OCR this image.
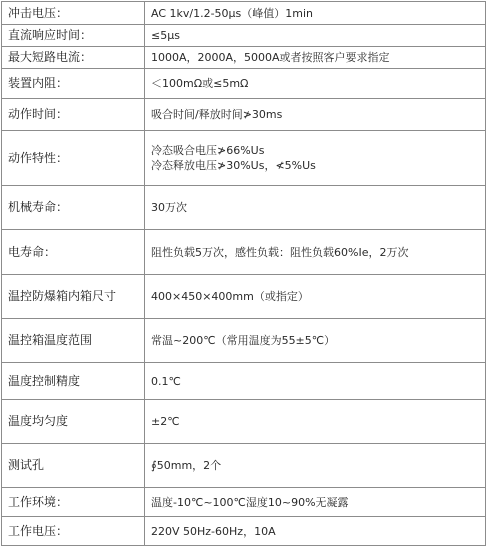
冲击电压：	AC 1kv/1.2-50μs（峰值）1min
直流响应时间：	≤5μs
最大短路电流：	1000A，2000A，5000A或者按照客户要求指定
装置内阻：	＜100mΩ或≤5mΩ
动作时间：	吸合时间/释放时间≯30ms
动作特性：	冷态吸合电压≯66%Us
冷态释放电压≯30%Us，≮5%Us

机械寿命：	30万次
电寿命：	阻性负载5万次，感性负载：阻性负载60%Ie，2万次
温控防爆箱内箱尺寸	400×450×400mm（或指定）
温控箱温度范围	常温~200℃（常用温度为55±5℃）
温度控制精度	0.1℃
温度均匀度	±2℃
测试孔	∮50mm，2个
工作环境：	温度-10℃~100℃湿度10~90%无凝露
工作电压：	220V 50Hz-60Hz，10A
